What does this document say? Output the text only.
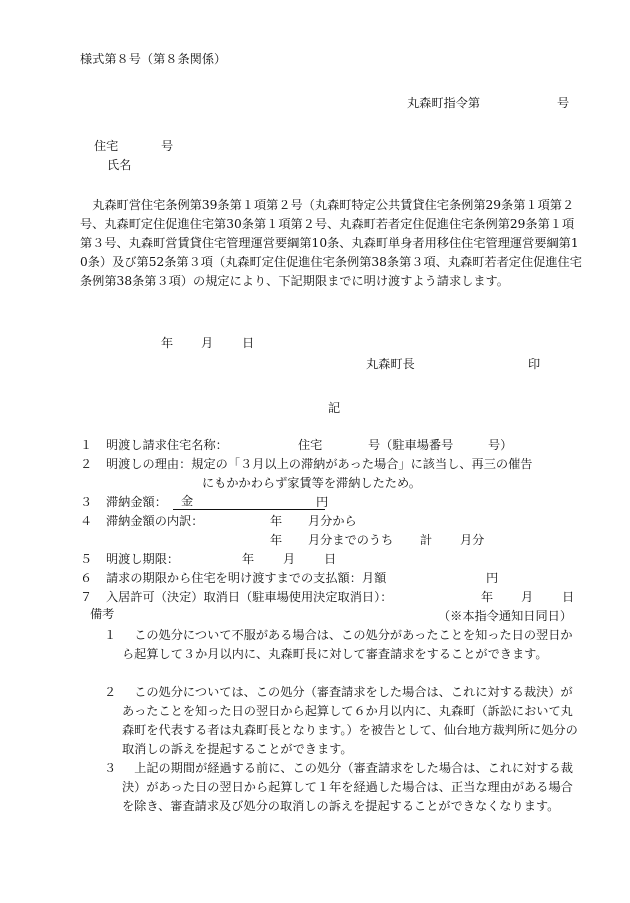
様式第８号（第８条関係）
丸森町指令第	号
住宅	号
氏名
丸森町営住宅条例第39条第１項第２号（丸森町特定公共賃貸住宅条例第29条第１項第２号、丸森町定住促進住宅第30条第１項第２号、丸森町若者定住促進住宅条例第29条第１項第３号、丸森町営賃貸住宅管理運営要綱第10条、丸森町単身者用移住住宅管理運営要綱第10条）及び第52条第３項（丸森町定住促進住宅条例第38条第３項、丸森町若者定住促進住宅条例第38条第３項）の規定により、下記期限までに明け渡すよう請求します。
年 月 日
丸森町長	印
記
１ 明渡し請求住宅名称：	住宅	号（駐車場番号	号）
２ 明渡しの理由：規定の「３月以上の滞納があった場合」に該当し、再三の催告
にもかかわらず家賃等を滞納したため。
３ 滞納金額：	金	円
４ 滞納金額の内訳：	年 月分から
年 月分までのうち 計 月分
５ 明渡し期限：	年 月 日
６ 請求の期限から住宅を明け渡すまでの支払額：月額	円
７ 入居許可（決定）取消日（駐車場使用決定取消日）：	年 月 日
（※本指令通知日同日）
備考
１	この処分について不服がある場合は、この処分があったことを知った日の翌日から起算して３か月以内に、丸森町長に対して審査請求をすることができます。
２	この処分については、この処分（審査請求をした場合は、これに対する裁決）があったことを知った日の翌日から起算して６か月以内に、丸森町（訴訟において丸森町を代表する者は丸森町長となります。）を被告として、仙台地方裁判所に処分の取消しの訴えを提起することができます。
３	上記の期間が経過する前に、この処分（審査請求をした場合は、これに対する裁決）があった日の翌日から起算して１年を経過した場合は、正当な理由がある場合を除き、審査請求及び処分の取消しの訴えを提起することができなくなります。
